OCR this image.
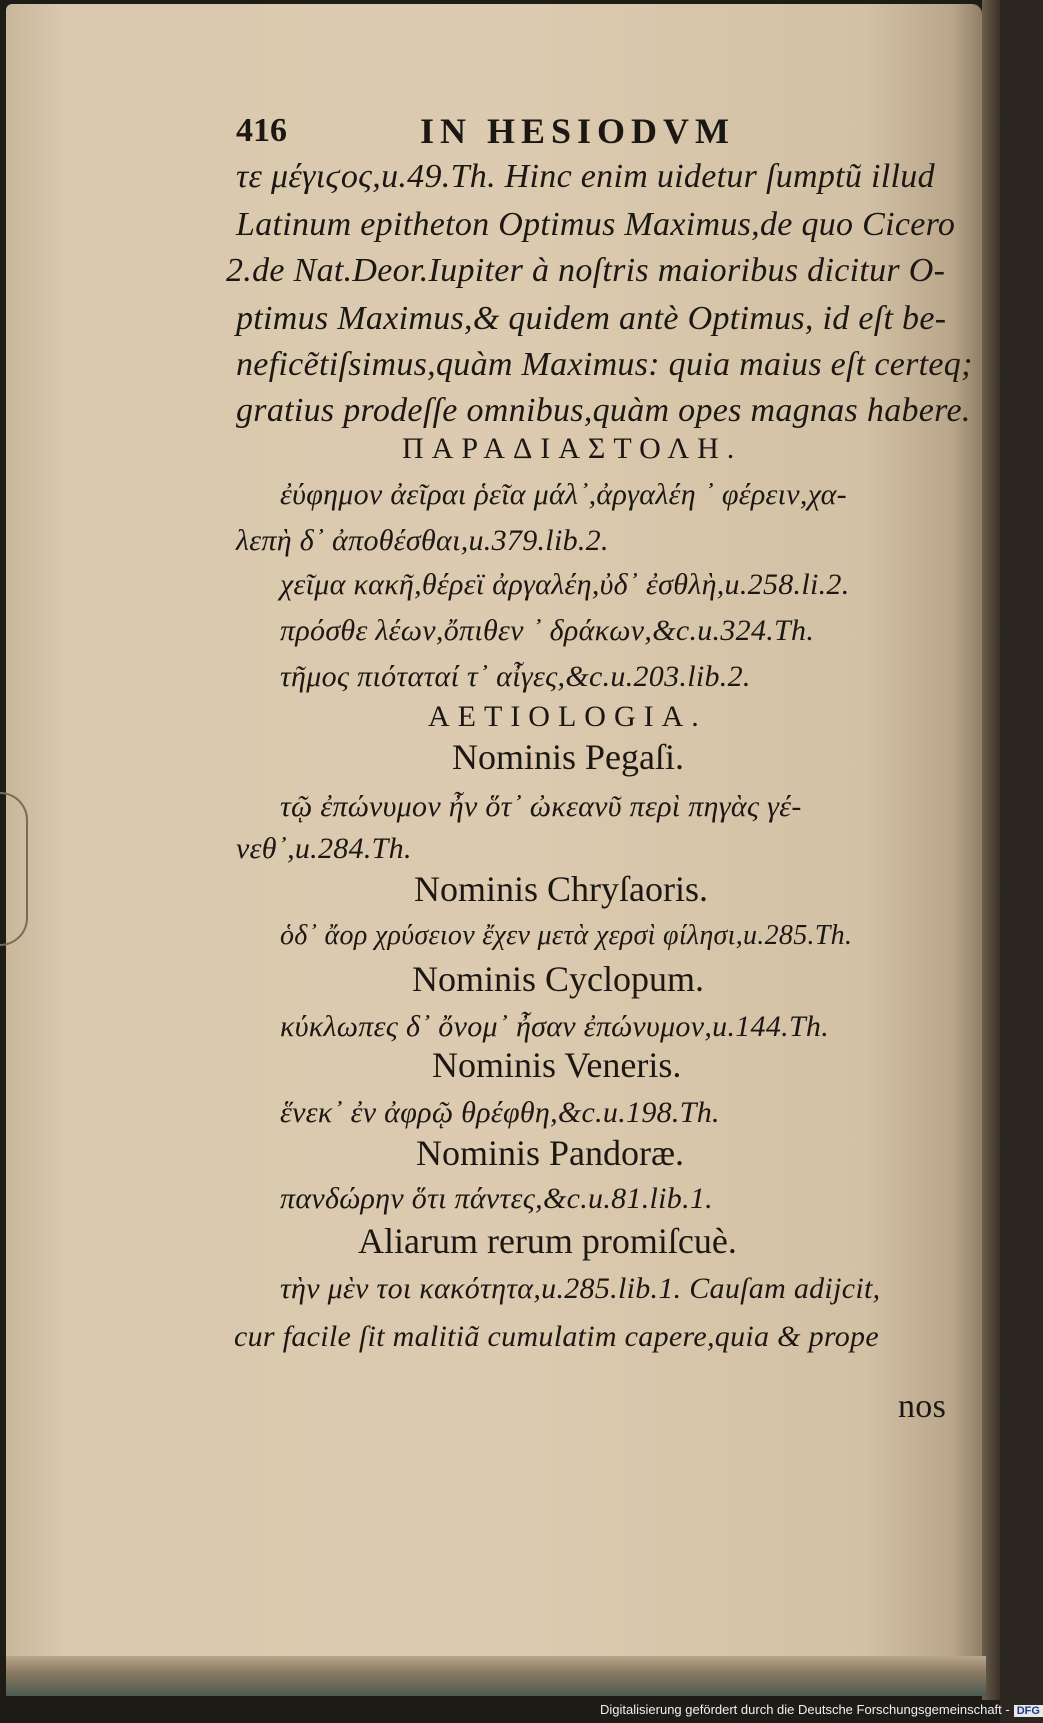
416	IN HESIODVM
τε μέγιϛος,u.49.Th. Hinc enim uidetur ſumptũ illud
Latinum epitheton Optimus Maximus,de quo Cicero
2.de Nat.Deor.Iupiter à noſtris maioribus dicitur O-
ptimus Maximus,& quidem antè Optimus, id eſt be-
neficẽtiſsimus,quàm Maximus: quia maius eſt certeq;
gratius prodeſſe omnibus,quàm opes magnas habere.
ΠΑΡΑΔΙΑΣΤΟΛΗ.
ἐύφημον ἀεῖραι ῥεῖα μάλ᾽,ἀργαλέη ᾽ φέρειν,χα-
λεπὴ δ᾽ ἀποθέσθαι,u.379.lib.2.
χεῖμα κακῆ,θέρεϊ ἀργαλέη,ὐδ᾽ ἐσθλὴ,u.258.li.2.
πρόσθε λέων,ὄπιθεν ᾽ δράκων,&c.u.324.Th.
τῆμος πιόταταί τ᾽ αἶγες,&c.u.203.lib.2.
AETIOLOGIA.
Nominis Pegaſi.
τῷ ἐπώνυμον ἦν ὅτ᾽ ὠκεανῦ περὶ πηγὰς γέ-
νεθ᾽,u.284.Th.
Nominis Chryſaoris.
ὁδ᾽ ἄορ χρύσειον ἔχεν μετὰ χερσὶ φίλησι,u.285.Th.
Nominis Cyclopum.
κύκλωπες δ᾽ ὄνομ᾽ ἦσαν ἐπώνυμον,u.144.Th.
Nominis Veneris.
ἕνεκ᾽ ἐν ἀφρῷ θρέφθη,&c.u.198.Th.
Nominis Pandoræ.
πανδώρην ὅτι πάντες,&c.u.81.lib.1.
Aliarum rerum promiſcuè.
τὴν μὲν τοι κακότητα,u.285.lib.1. Cauſam adijcit,
cur facile ſit malitiã cumulatim capere,quia & prope
nos
Digitalisierung gefördert durch die Deutsche Forschungsgemeinschaft - DFG
